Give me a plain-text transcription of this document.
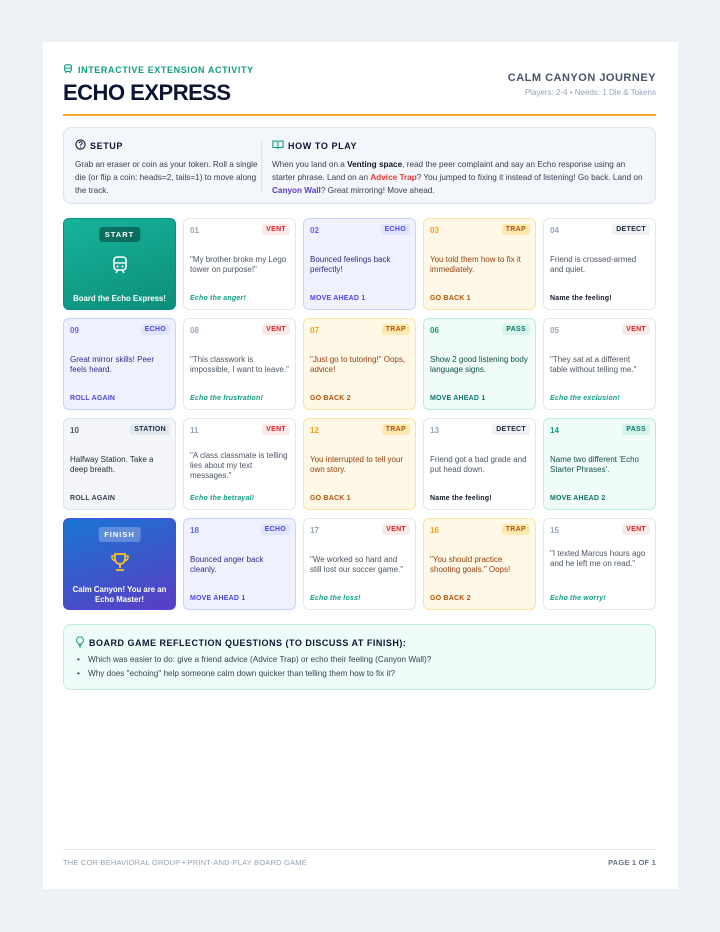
INTERACTIVE EXTENSION ACTIVITY
ECHO EXPRESS
CALM CANYON JOURNEY
Players: 2-4 • Needs: 1 Die & Tokens
SETUP

Grab an eraser or coin as your token. Roll a single die (or flip a coin: heads=2, tails=1) to move along the track.

HOW TO PLAY

When you land on a Venting space, read the peer complaint and say an Echo response using an starter phrase. Land on an Advice Trap? You jumped to fixing it instead of listening! Go back. Land on Canyon Wall? Great mirroring! Move ahead.

START
Board the Echo Express!
01	VENT
"My brother broke my Lego tower on purpose!"
Echo the anger!
02	ECHO
Bounced feelings back perfectly!
MOVE AHEAD 1
03	TRAP
You told them how to fix it immediately.
GO BACK 1
04	DETECT
Friend is crossed-armed and quiet.
Name the feeling!
09	ECHO
Great mirror skills! Peer feels heard.
ROLL AGAIN
08	VENT
"This classwork is impossible, I want to leave."
Echo the frustration!
07	TRAP
"Just go to tutoring!" Oops, advice!
GO BACK 2
06	PASS
Show 2 good listening body language signs.
MOVE AHEAD 1
05	VENT
"They sat at a different table without telling me."
Echo the exclusion!
10	STATION
Halfway Station. Take a deep breath.
ROLL AGAIN
11	VENT
"A class classmate is telling lies about my text messages."
Echo the betrayal!
12	TRAP
You interrupted to tell your own story.
GO BACK 1
13	DETECT
Friend got a bad grade and put head down.
Name the feeling!
14	PASS
Name two different 'Echo Starter Phrases'.
MOVE AHEAD 2
FINISH
Calm Canyon! You are an Echo Master!
18	ECHO
Bounced anger back cleanly.
MOVE AHEAD 1
17	VENT
"We worked so hard and still lost our soccer game."
Echo the loss!
16	TRAP
"You should practice shooting goals." Oops!
GO BACK 2
15	VENT
"I texted Marcus hours ago and he left me on read."
Echo the worry!
BOARD GAME REFLECTION QUESTIONS (TO DISCUSS AT FINISH):
• Which was easier to do: give a friend advice (Advice Trap) or echo their feeling (Canyon Wall)?
• Why does "echoing" help someone calm down quicker than telling them how to fix it?
THE COR BEHAVIORAL GROUP • PRINT-AND-PLAY BOARD GAME	PAGE 1 OF 1
